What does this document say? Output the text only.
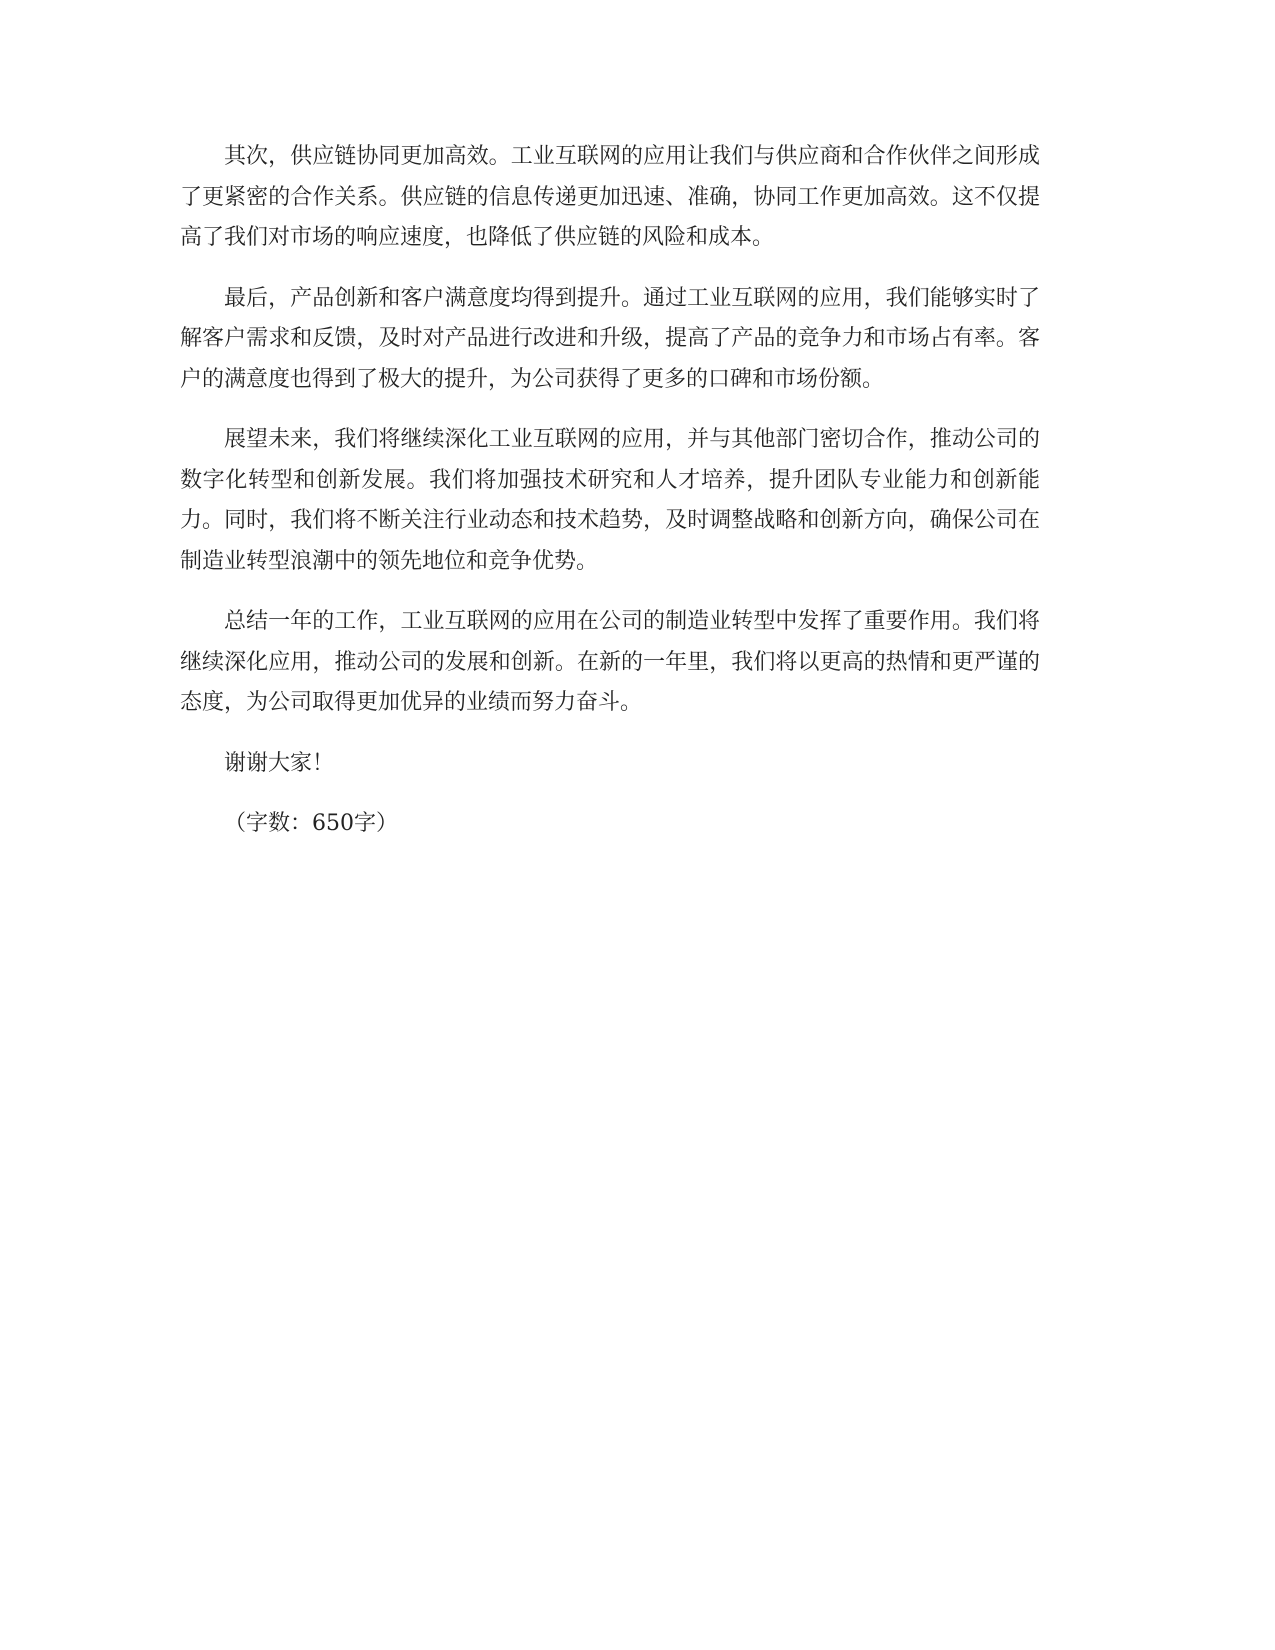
其次，供应链协同更加高效。工业互联网的应用让我们与供应商和合作伙伴之间形成了更紧密的合作关系。供应链的信息传递更加迅速、准确，协同工作更加高效。这不仅提高了我们对市场的响应速度，也降低了供应链的风险和成本。

最后，产品创新和客户满意度均得到提升。通过工业互联网的应用，我们能够实时了解客户需求和反馈，及时对产品进行改进和升级，提高了产品的竞争力和市场占有率。客户的满意度也得到了极大的提升，为公司获得了更多的口碑和市场份额。

展望未来，我们将继续深化工业互联网的应用，并与其他部门密切合作，推动公司的数字化转型和创新发展。我们将加强技术研究和人才培养，提升团队专业能力和创新能力。同时，我们将不断关注行业动态和技术趋势，及时调整战略和创新方向，确保公司在制造业转型浪潮中的领先地位和竞争优势。

总结一年的工作，工业互联网的应用在公司的制造业转型中发挥了重要作用。我们将继续深化应用，推动公司的发展和创新。在新的一年里，我们将以更高的热情和更严谨的态度，为公司取得更加优异的业绩而努力奋斗。

谢谢大家！

（字数：650字）
